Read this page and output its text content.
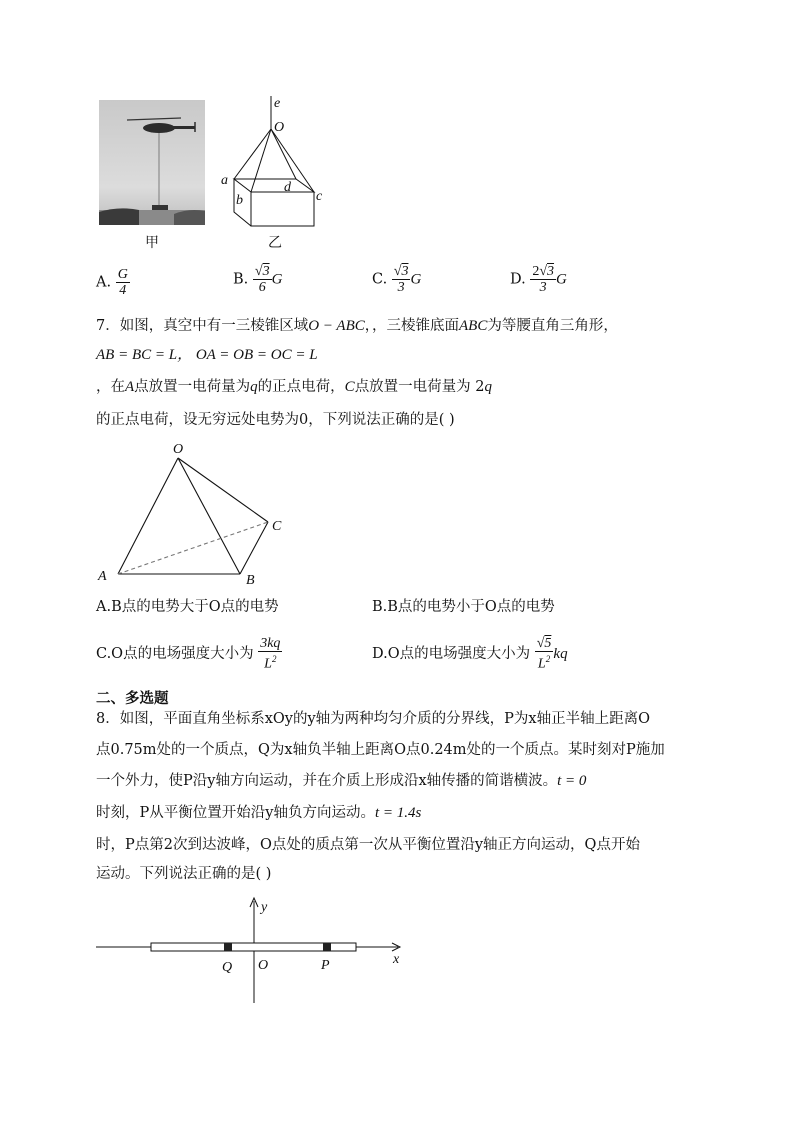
甲
e
O
a	d
b	c
乙
A. $\frac{G}{4}$	B. $\frac{√3}{6}$ G	C. $\frac{√3}{3}$ G	D. $\frac{2√3}{3}$ G
7．如图，真空中有一三棱锥区域O − ABC，，三棱锥底面ABC为等腰直角三角形，
AB = BC = L， OA = OB = OC = L
，在A点放置一电荷量为q的正点电荷，C点放置一电荷量为 2q
的正点电荷，设无穷远处电势为0，下列说法正确的是( )
O
C
A	B
A.B点的电势大于O点的电势	B.B点的电势小于O点的电势
C.O点的电场强度大小为 $\frac{3kq}{L^2}$	D.O点的电场强度大小为 $\frac{√5}{L^2}$ kq
二、多选题
8．如图，平面直角坐标系xOy的y轴为两种均匀介质的分界线，P为x轴正半轴上距离O
点0.75m处的一个质点，Q为x轴负半轴上距离O点0.24m处的一个质点。某时刻对P施加
一个外力，使P沿y轴方向运动，并在介质上形成沿x轴传播的简谐横波。t = 0
时刻，P从平衡位置开始沿y轴负方向运动。t = 1.4s
时，P点第2次到达波峰，O点处的质点第一次从平衡位置沿y轴正方向运动，Q点开始
运动。下列说法正确的是( )
y
x
Q O	P
